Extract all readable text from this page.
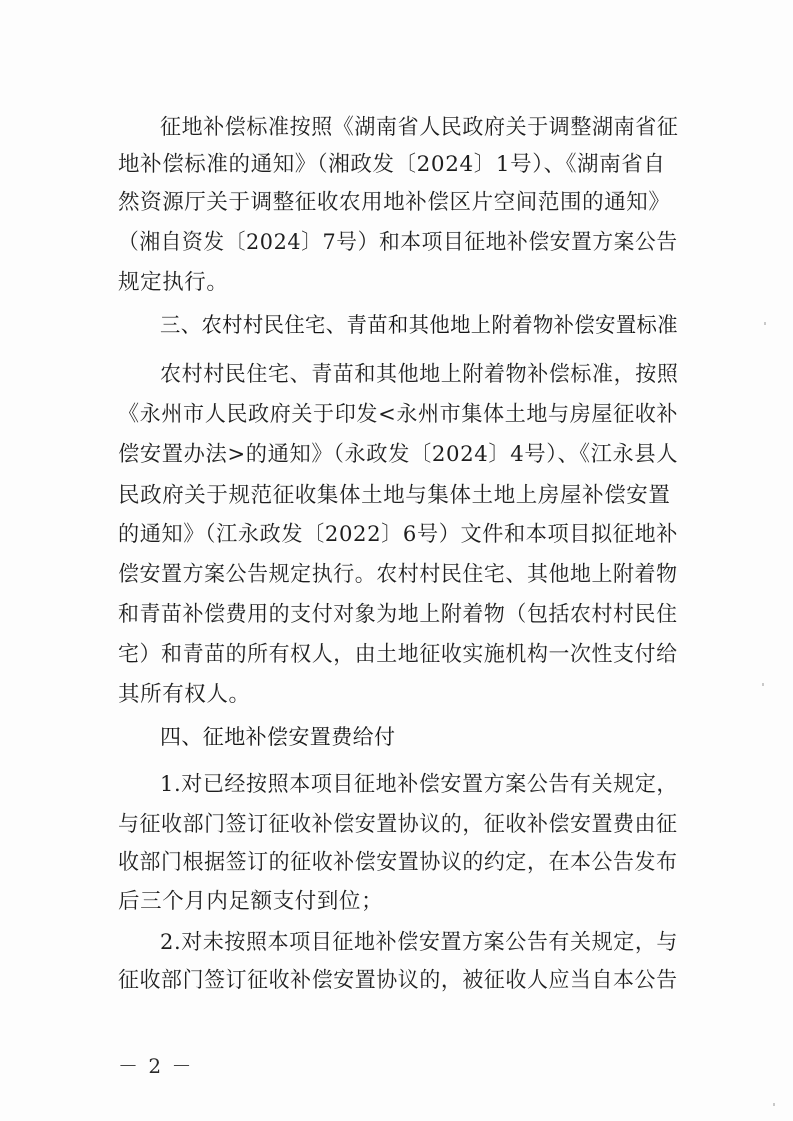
征地补偿标准按照《湖南省人民政府关于调整湖南省征
地补偿标准的通知》（湘政发〔2024〕1号）、《湖南省自
然资源厅关于调整征收农用地补偿区片空间范围的通知》
（湘自资发〔2024〕7号）和本项目征地补偿安置方案公告
规定执行。
三、农村村民住宅、青苗和其他地上附着物补偿安置标准
农村村民住宅、青苗和其他地上附着物补偿标准，按照
《永州市人民政府关于印发<永州市集体土地与房屋征收补
偿安置办法>的通知》（永政发〔2024〕4号）、《江永县人
民政府关于规范征收集体土地与集体土地上房屋补偿安置
的通知》（江永政发〔2022〕6号）文件和本项目拟征地补
偿安置方案公告规定执行。农村村民住宅、其他地上附着物
和青苗补偿费用的支付对象为地上附着物（包括农村村民住
宅）和青苗的所有权人，由土地征收实施机构一次性支付给
其所有权人。
四、征地补偿安置费给付
1.对已经按照本项目征地补偿安置方案公告有关规定，
与征收部门签订征收补偿安置协议的，征收补偿安置费由征
收部门根据签订的征收补偿安置协议的约定，在本公告发布
后三个月内足额支付到位；
2.对未按照本项目征地补偿安置方案公告有关规定，与
征收部门签订征收补偿安置协议的，被征收人应当自本公告
－ 2 －
